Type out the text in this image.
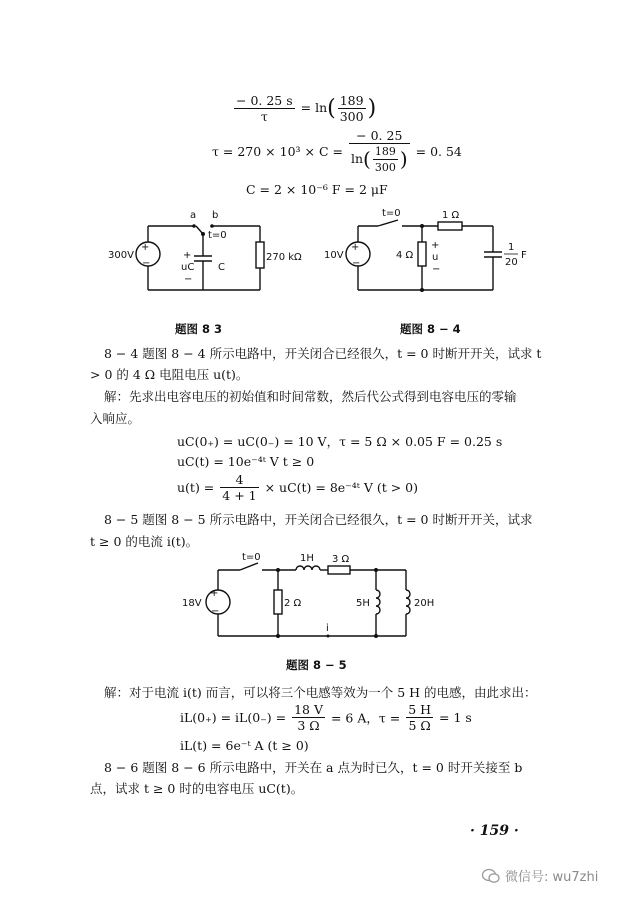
$\frac{- 0. 25 s}{\tau} = \ln( \frac{189}{300}$ )
$\tau = 270 \times 10^3 \times C = \frac{- 0. 25}{\ln( \frac{189}{300} )} = 0$. 54
C = 2 × 10⁻⁶ F = 2 μF
+
−
300V
a b
t=0
+
uC
−
C
270 kΩ
题图 8 3
+
−
10V
t=0	1 Ω
4 Ω
+
u
−
1
20
F
题图 8 − 4
8 − 4 题图 8 − 4 所示电路中，开关闭合已经很久，t = 0 时断开开关，试求 t
> 0 的 4 Ω 电阻电压 u(t)。
解：先求出电容电压的初始值和时间常数，然后代公式得到电容电压的零输
入响应。
uC(0₊) = uC(0₋) = 10 V，τ = 5 Ω × 0.05 F = 0.25 s
uC(t) = 10e⁻⁴ᵗ V t ≥ 0
$u(t) = \frac{4}{4 + 1} \times uC(t)$ = 8e⁻⁴ᵗ V (t > 0)
8 − 5 题图 8 − 5 所示电路中，开关闭合已经很久，t = 0 时断开开关，试求
t ≥ 0 的电流 i(t)。
+
−
18V
t=0	1H 3 Ω
2 Ω	5H	20H
i
题图 8 − 5
解：对于电流 i(t) 而言，可以将三个电感等效为一个 5 H 的电感，由此求出：
$iL(0_+) = iL(0_-) = \frac{18 V}{3 \Omega} = 6$ A，$\tau = \frac{5 H}{5 \Omega} = 1$ s
iL(t) = 6e⁻ᵗ A (t ≥ 0)
8 − 6 题图 8 − 6 所示电路中，开关在 a 点为时已久，t = 0 时开关接至 b
点，试求 t ≥ 0 时的电容电压 uC(t)。
· 159 ·
微信号: wu7zhi
